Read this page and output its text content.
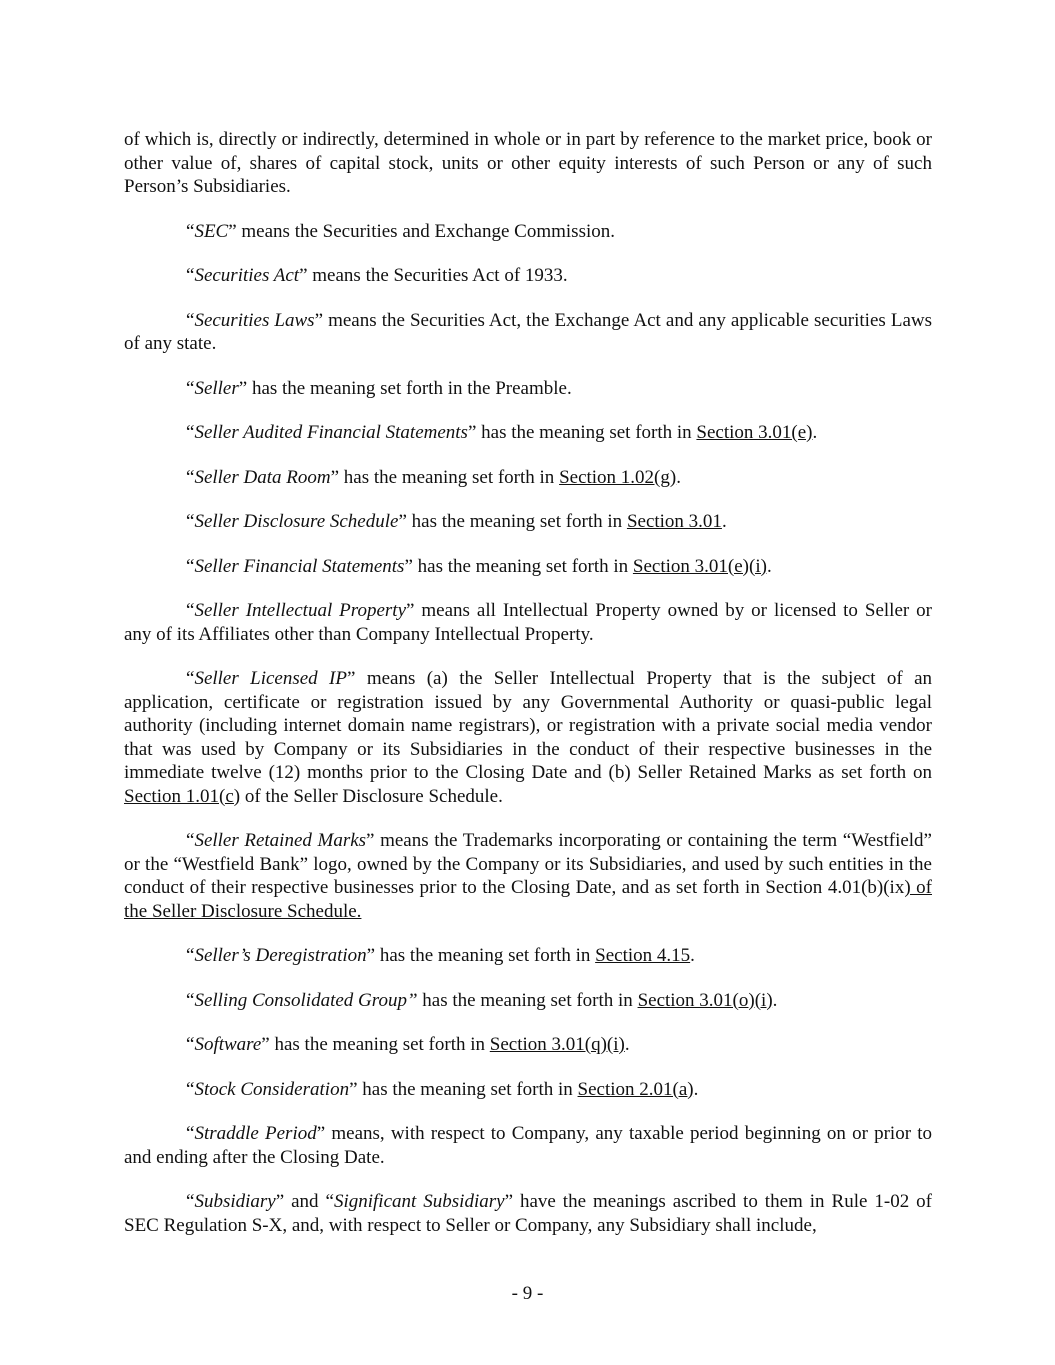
of which is, directly or indirectly, determined in whole or in part by reference to the market price, book or other value of, shares of capital stock, units or other equity interests of such Person or any of such Person’s Subsidiaries.

“SEC” means the Securities and Exchange Commission.

“Securities Act” means the Securities Act of 1933.

“Securities Laws” means the Securities Act, the Exchange Act and any applicable securities Laws of any state.

“Seller” has the meaning set forth in the Preamble.

“Seller Audited Financial Statements” has the meaning set forth in Section 3.01(e).

“Seller Data Room” has the meaning set forth in Section 1.02(g).

“Seller Disclosure Schedule” has the meaning set forth in Section 3.01.

“Seller Financial Statements” has the meaning set forth in Section 3.01(e)(i).

“Seller Intellectual Property” means all Intellectual Property owned by or licensed to Seller or any of its Affiliates other than Company Intellectual Property.

“Seller Licensed IP” means (a) the Seller Intellectual Property that is the subject of an application, certificate or registration issued by any Governmental Authority or quasi-public legal authority (including internet domain name registrars), or registration with a private social media vendor that was used by Company or its Subsidiaries in the conduct of their respective businesses in the immediate twelve (12) months prior to the Closing Date and (b) Seller Retained Marks as set forth on Section 1.01(c) of the Seller Disclosure Schedule.

“Seller Retained Marks” means the Trademarks incorporating or containing the term “Westfield” or the “Westfield Bank” logo, owned by the Company or its Subsidiaries, and used by such entities in the conduct of their respective businesses prior to the Closing Date, and as set forth in Section 4.01(b)(ix) of the Seller Disclosure Schedule.

“Seller’s Deregistration” has the meaning set forth in Section 4.15.

“Selling Consolidated Group” has the meaning set forth in Section 3.01(o)(i).

“Software” has the meaning set forth in Section 3.01(q)(i).

“Stock Consideration” has the meaning set forth in Section 2.01(a).

“Straddle Period” means, with respect to Company, any taxable period beginning on or prior to and ending after the Closing Date.

“Subsidiary” and “Significant Subsidiary” have the meanings ascribed to them in Rule 1-02 of SEC Regulation S-X, and, with respect to Seller or Company, any Subsidiary shall include,

- 9 -
